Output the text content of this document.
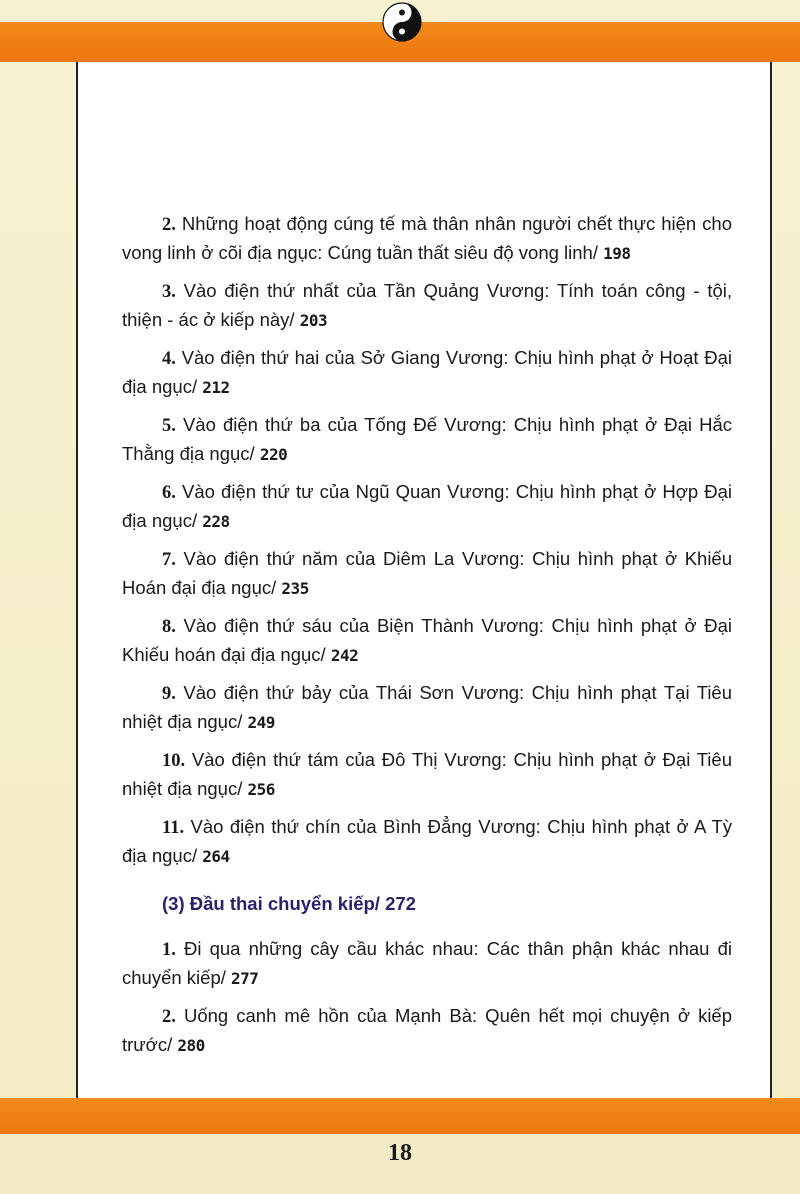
2. Những hoạt động cúng tế mà thân nhân người chết thực hiện cho vong linh ở cõi địa ngục: Cúng tuần thất siêu độ vong linh/ 198
3. Vào điện thứ nhất của Tần Quảng Vương: Tính toán công - tội, thiện - ác ở kiếp này/ 203
4. Vào điện thứ hai của Sở Giang Vương: Chịu hình phạt ở Hoạt Đại địa ngục/ 212
5. Vào điện thứ ba của Tống Đế Vương: Chịu hình phạt ở Đại Hắc Thằng địa ngục/ 220
6. Vào điện thứ tư của Ngũ Quan Vương: Chịu hình phạt ở Hợp Đại địa ngục/ 228
7. Vào điện thứ năm của Diêm La Vương: Chịu hình phạt ở Khiếu Hoán đại địa ngục/ 235
8. Vào điện thứ sáu của Biện Thành Vương: Chịu hình phạt ở Đại Khiếu hoán đại địa ngục/ 242
9. Vào điện thứ bảy của Thái Sơn Vương: Chịu hình phạt Tại Tiêu nhiệt địa ngục/ 249
10. Vào điện thứ tám của Đô Thị Vương: Chịu hình phạt ở Đại Tiêu nhiệt địa ngục/ 256
11. Vào điện thứ chín của Bình Đẳng Vương: Chịu hình phạt ở A Tỳ địa ngục/ 264
(3) Đầu thai chuyển kiếp/ 272
1. Đi qua những cây cầu khác nhau: Các thân phận khác nhau đi chuyển kiếp/ 277
2. Uống canh mê hồn của Mạnh Bà: Quên hết mọi chuyện ở kiếp trước/ 280
18
